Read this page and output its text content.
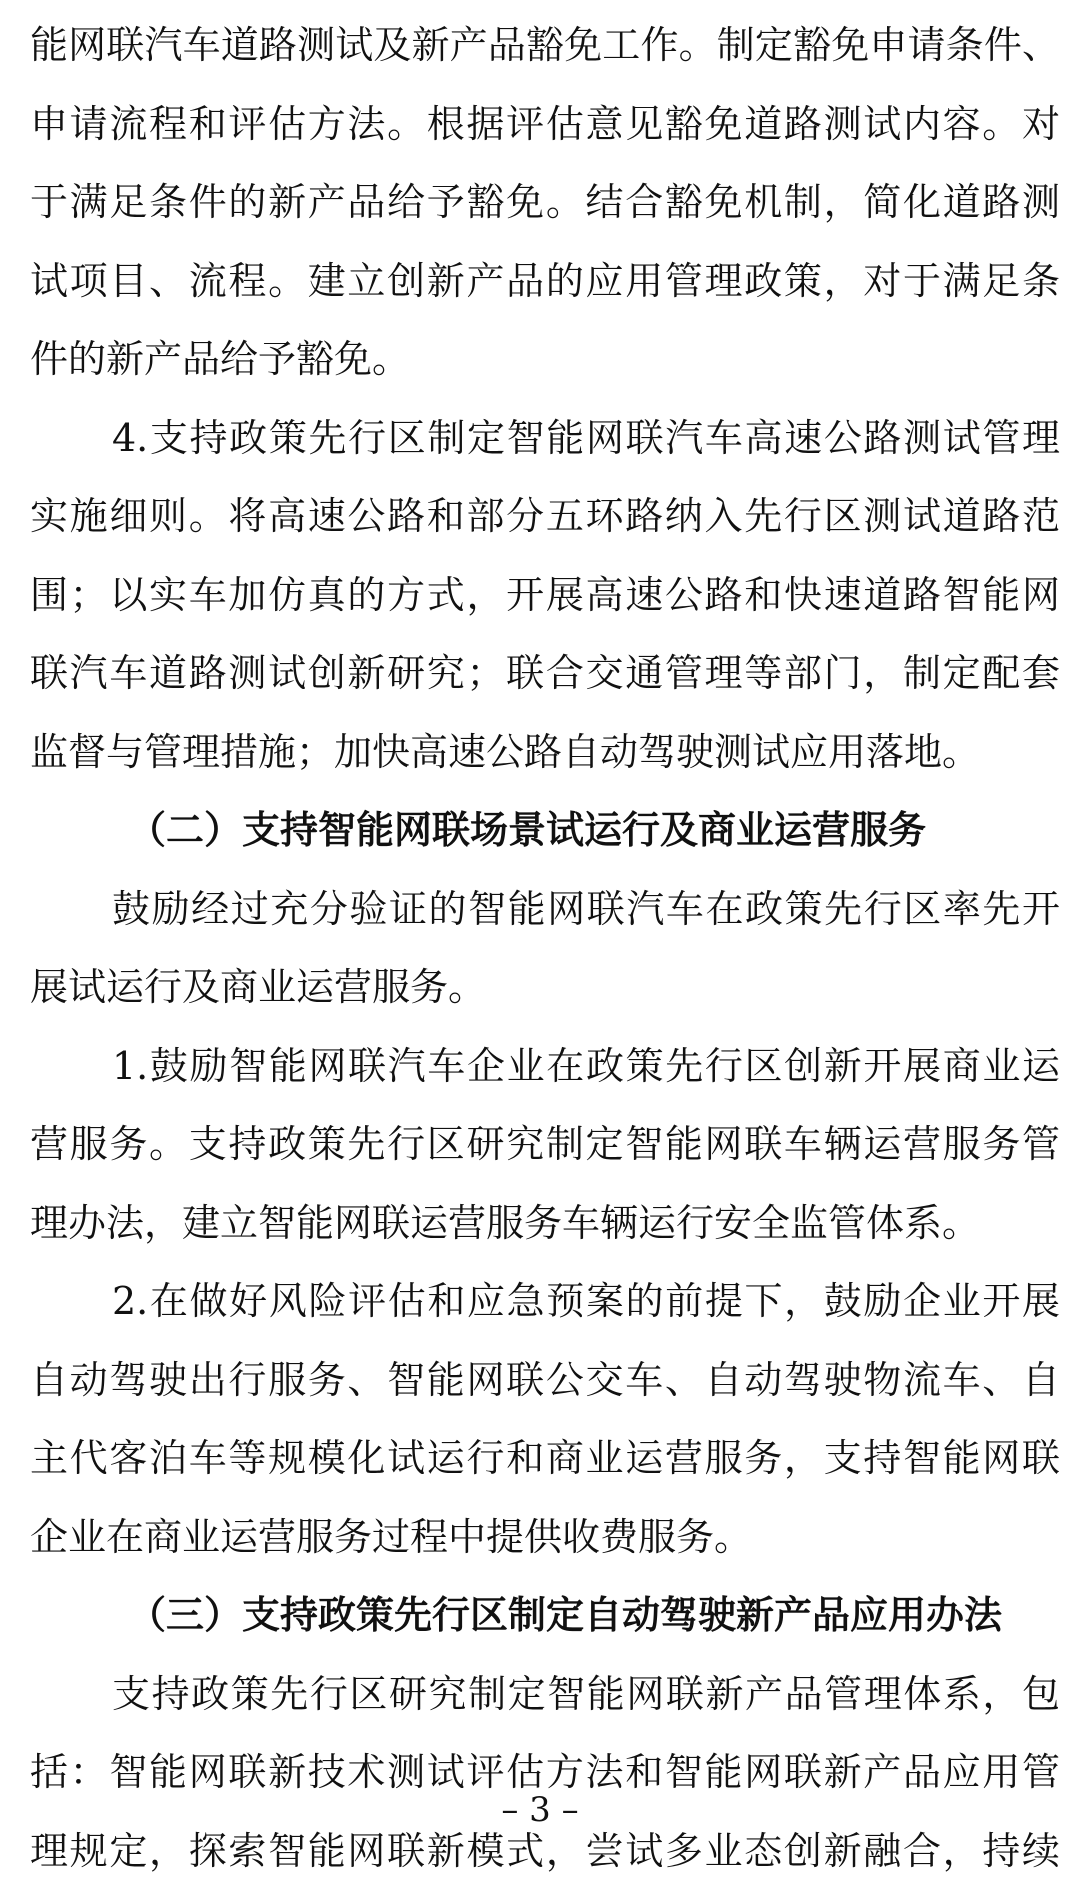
能网联汽车道路测试及新产品豁免工作。制定豁免申请条件、
申请流程和评估方法。根据评估意见豁免道路测试内容。对
于满足条件的新产品给予豁免。结合豁免机制，简化道路测
试项目、流程。建立创新产品的应用管理政策，对于满足条
件的新产品给予豁免。
4.支持政策先行区制定智能网联汽车高速公路测试管理
实施细则。将高速公路和部分五环路纳入先行区测试道路范
围；以实车加仿真的方式，开展高速公路和快速道路智能网
联汽车道路测试创新研究；联合交通管理等部门，制定配套
监督与管理措施；加快高速公路自动驾驶测试应用落地。
（二）支持智能网联场景试运行及商业运营服务
鼓励经过充分验证的智能网联汽车在政策先行区率先开
展试运行及商业运营服务。
1.鼓励智能网联汽车企业在政策先行区创新开展商业运
营服务。支持政策先行区研究制定智能网联车辆运营服务管
理办法，建立智能网联运营服务车辆运行安全监管体系。
2.在做好风险评估和应急预案的前提下，鼓励企业开展
自动驾驶出行服务、智能网联公交车、自动驾驶物流车、自
主代客泊车等规模化试运行和商业运营服务，支持智能网联
企业在商业运营服务过程中提供收费服务。
（三）支持政策先行区制定自动驾驶新产品应用办法
支持政策先行区研究制定智能网联新产品管理体系，包
括：智能网联新技术测试评估方法和智能网联新产品应用管
理规定，探索智能网联新模式，尝试多业态创新融合，持续
– 3 –
